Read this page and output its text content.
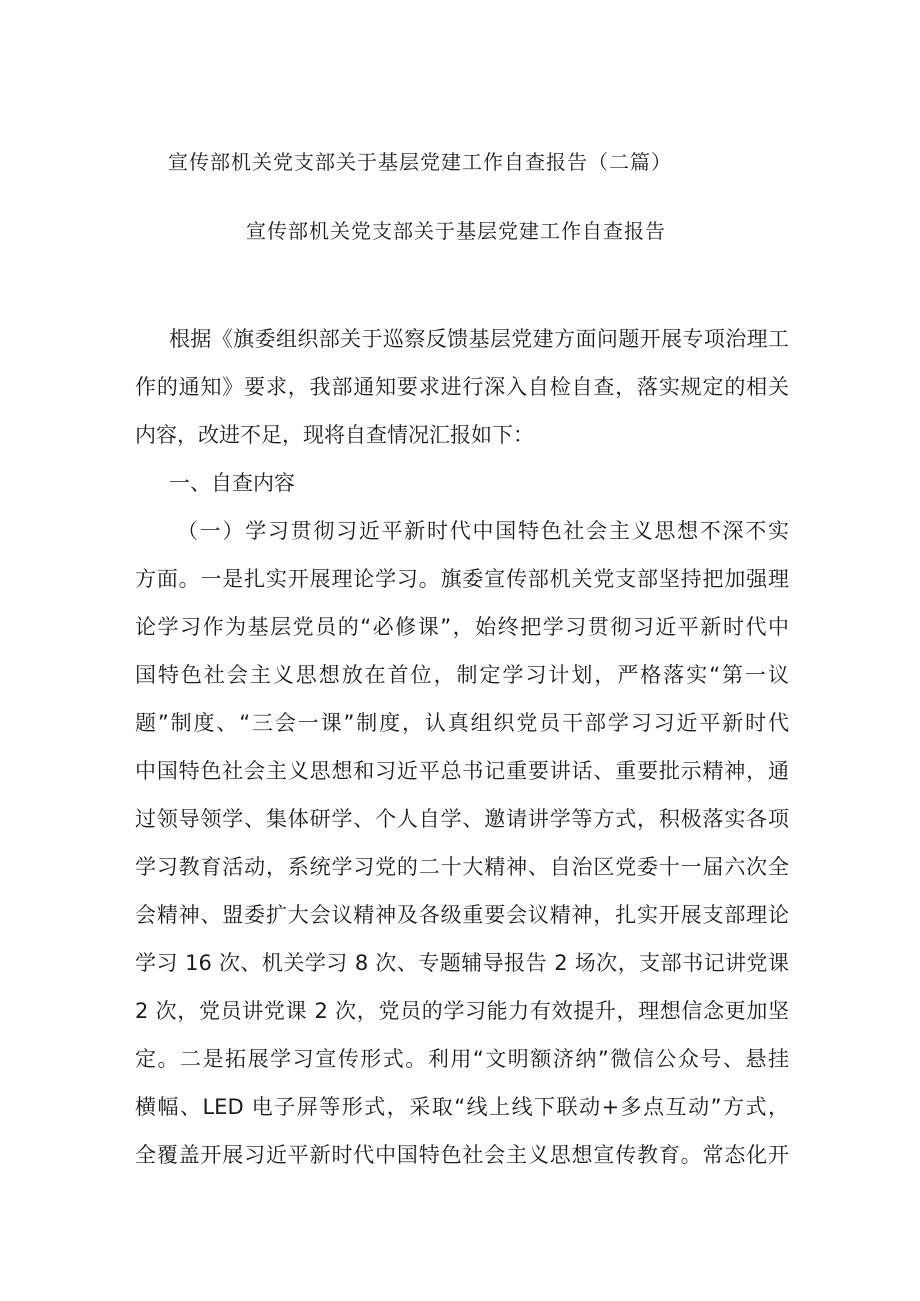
宣传部机关党支部关于基层党建工作自查报告（二篇）
宣传部机关党支部关于基层党建工作自查报告
根据《旗委组织部关于巡察反馈基层党建方面问题开展专项治理工
作的通知》要求，我部通知要求进行深入自检自查，落实规定的相关
内容，改进不足，现将自查情况汇报如下：
一、自查内容
（一）学习贯彻习近平新时代中国特色社会主义思想不深不实
方面。一是扎实开展理论学习。旗委宣传部机关党支部坚持把加强理
论学习作为基层党员的“必修课”，始终把学习贯彻习近平新时代中
国特色社会主义思想放在首位，制定学习计划，严格落实“第一议
题”制度、“三会一课”制度，认真组织党员干部学习习近平新时代
中国特色社会主义思想和习近平总书记重要讲话、重要批示精神，通
过领导领学、集体研学、个人自学、邀请讲学等方式，积极落实各项
学习教育活动，系统学习党的二十大精神、自治区党委十一届六次全
会精神、盟委扩大会议精神及各级重要会议精神，扎实开展支部理论
学习 16 次、机关学习 8 次、专题辅导报告 2 场次，支部书记讲党课
2 次，党员讲党课 2 次，党员的学习能力有效提升，理想信念更加坚
定。二是拓展学习宣传形式。利用“文明额济纳”微信公众号、悬挂
横幅、LED 电子屏等形式，采取“线上线下联动+多点互动”方式，
全覆盖开展习近平新时代中国特色社会主义思想宣传教育。常态化开
